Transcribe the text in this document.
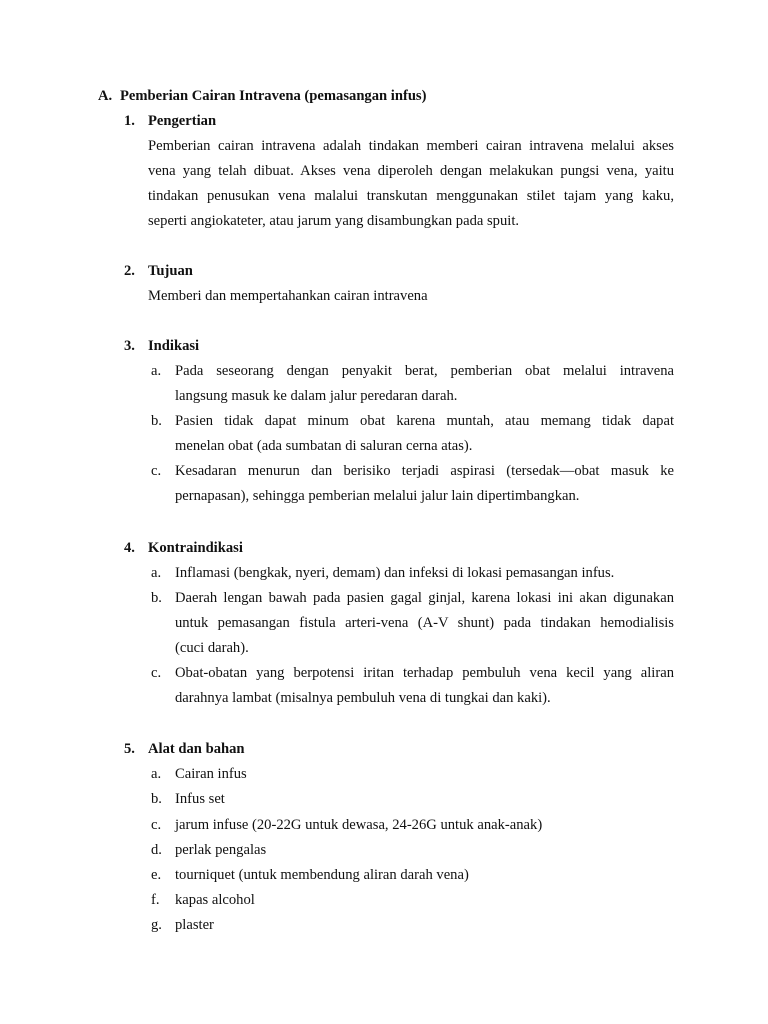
A. Pemberian Cairan Intravena (pemasangan infus)
1. Pengertian
Pemberian cairan intravena adalah tindakan memberi cairan intravena melalui akses
vena yang telah dibuat. Akses vena diperoleh dengan melakukan pungsi vena, yaitu
tindakan penusukan vena malalui transkutan menggunakan stilet tajam yang kaku,
seperti angiokateter, atau jarum yang disambungkan pada spuit.
2. Tujuan
Memberi dan mempertahankan cairan intravena
3. Indikasi
a. Pada seseorang dengan penyakit berat, pemberian obat melalui intravena
langsung masuk ke dalam jalur peredaran darah.
b. Pasien tidak dapat minum obat karena muntah, atau memang tidak dapat
menelan obat (ada sumbatan di saluran cerna atas).
c. Kesadaran menurun dan berisiko terjadi aspirasi (tersedak—obat masuk ke
pernapasan), sehingga pemberian melalui jalur lain dipertimbangkan.
4. Kontraindikasi
a. Inflamasi (bengkak, nyeri, demam) dan infeksi di lokasi pemasangan infus.
b. Daerah lengan bawah pada pasien gagal ginjal, karena lokasi ini akan digunakan
untuk pemasangan fistula arteri-vena (A-V shunt) pada tindakan hemodialisis
(cuci darah).
c. Obat-obatan yang berpotensi iritan terhadap pembuluh vena kecil yang aliran
darahnya lambat (misalnya pembuluh vena di tungkai dan kaki).
5. Alat dan bahan
a. Cairan infus
b. Infus set
c. jarum infuse (20-22G untuk dewasa, 24-26G untuk anak-anak)
d. perlak pengalas
e. tourniquet (untuk membendung aliran darah vena)
f. kapas alcohol
g. plaster
